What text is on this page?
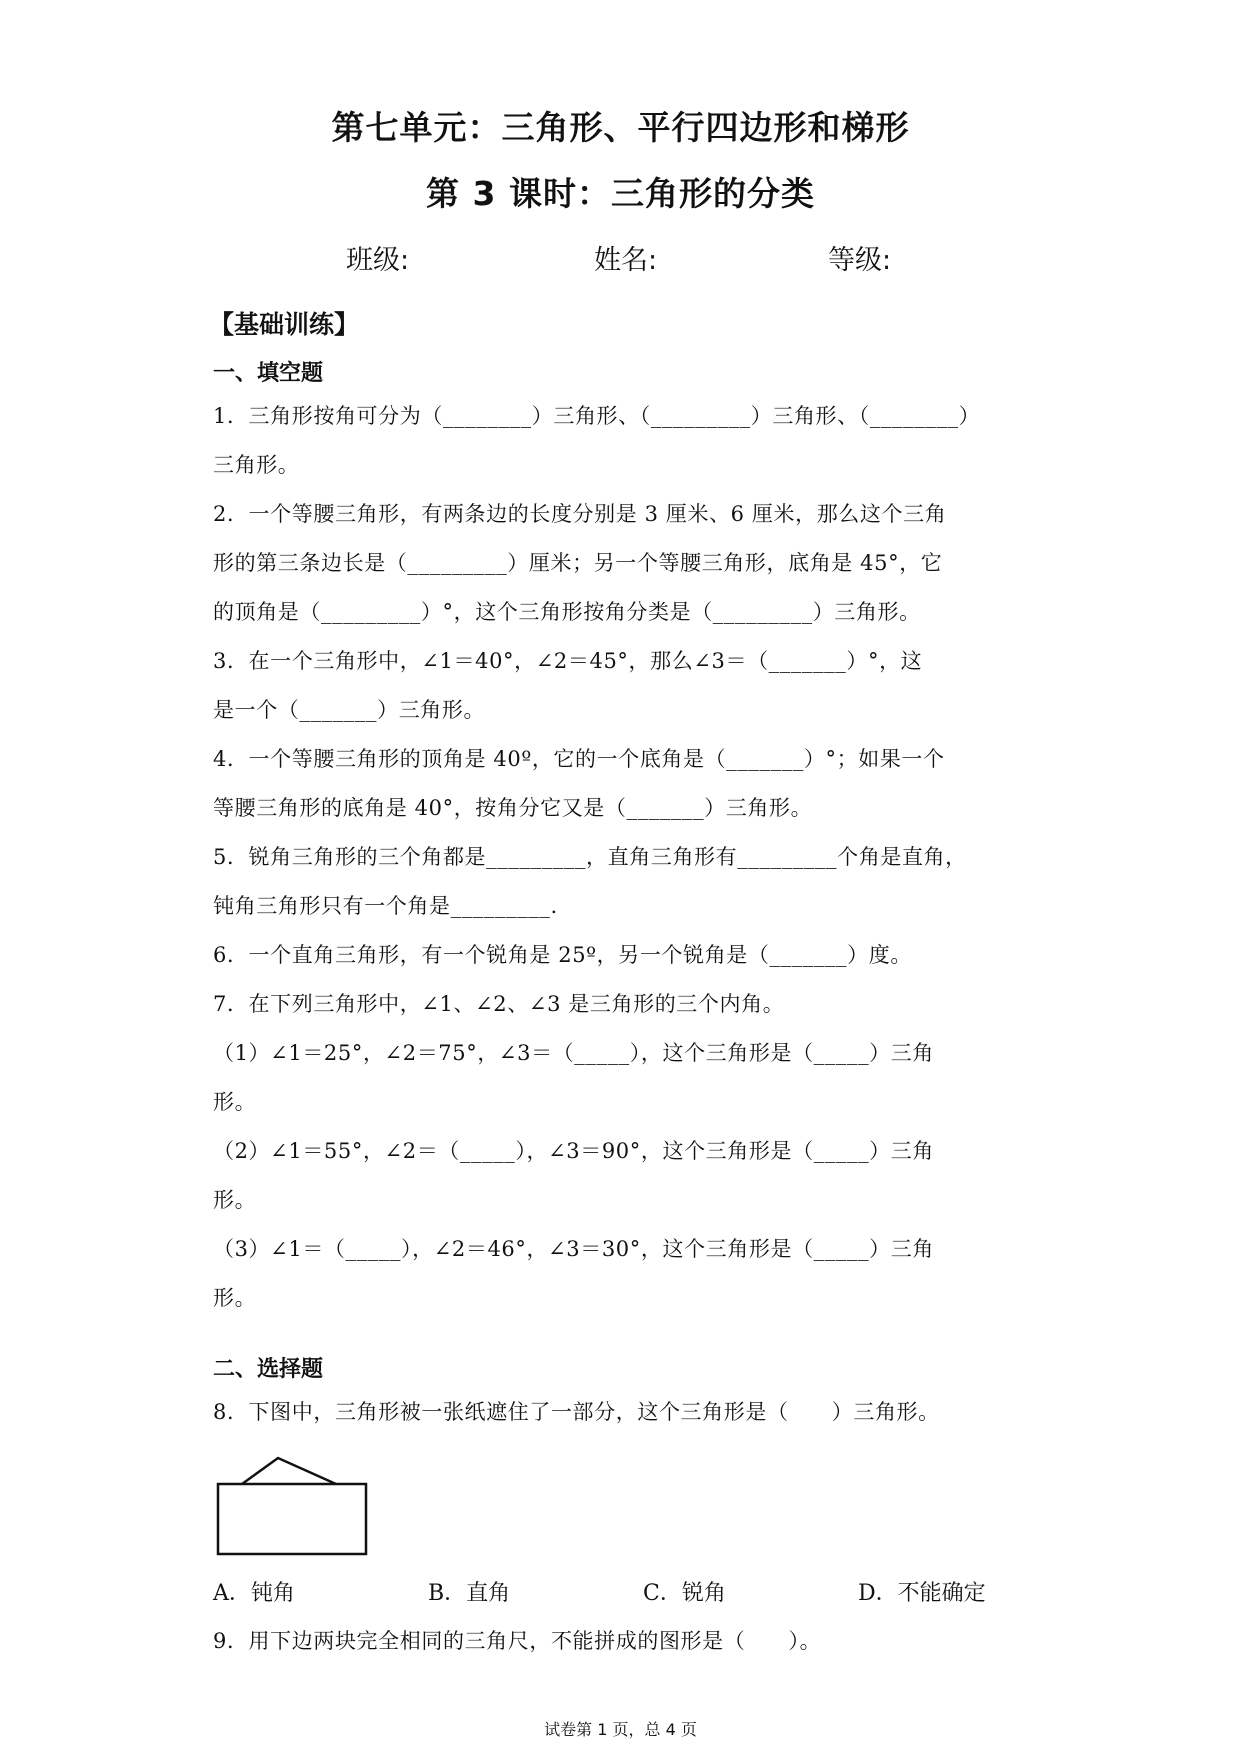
第七单元：三角形、平行四边形和梯形
第 3 课时：三角形的分类
班级:	姓名:	等级:
【基础训练】
一、填空题
1．三角形按角可分为（________）三角形、（_________）三角形、（________）
三角形。
2．一个等腰三角形，有两条边的长度分别是 3 厘米、6 厘米，那么这个三角
形的第三条边长是（_________）厘米；另一个等腰三角形，底角是 45°，它
的顶角是（_________）°，这个三角形按角分类是（_________）三角形。
3．在一个三角形中，∠1＝40°，∠2＝45°，那么∠3＝（_______）°，这
是一个（_______）三角形。
4．一个等腰三角形的顶角是 40º，它的一个底角是（_______）°；如果一个
等腰三角形的底角是 40°，按角分它又是（_______）三角形。
5．锐角三角形的三个角都是_________，直角三角形有_________个角是直角，
钝角三角形只有一个角是_________.
6．一个直角三角形，有一个锐角是 25º，另一个锐角是（_______）度。
7．在下列三角形中，∠1、∠2、∠3 是三角形的三个内角。
（1）∠1＝25°，∠2＝75°，∠3＝（_____），这个三角形是（_____）三角
形。
（2）∠1＝55°，∠2＝（_____），∠3＝90°，这个三角形是（_____）三角
形。
（3）∠1＝（_____），∠2＝46°，∠3＝30°，这个三角形是（_____）三角
形。
二、选择题
8．下图中，三角形被一张纸遮住了一部分，这个三角形是（　　）三角形。
A．钝角	B．直角	C．锐角	D．不能确定
9．用下边两块完全相同的三角尺，不能拼成的图形是（　　）。
试卷第 1 页，总 4 页
